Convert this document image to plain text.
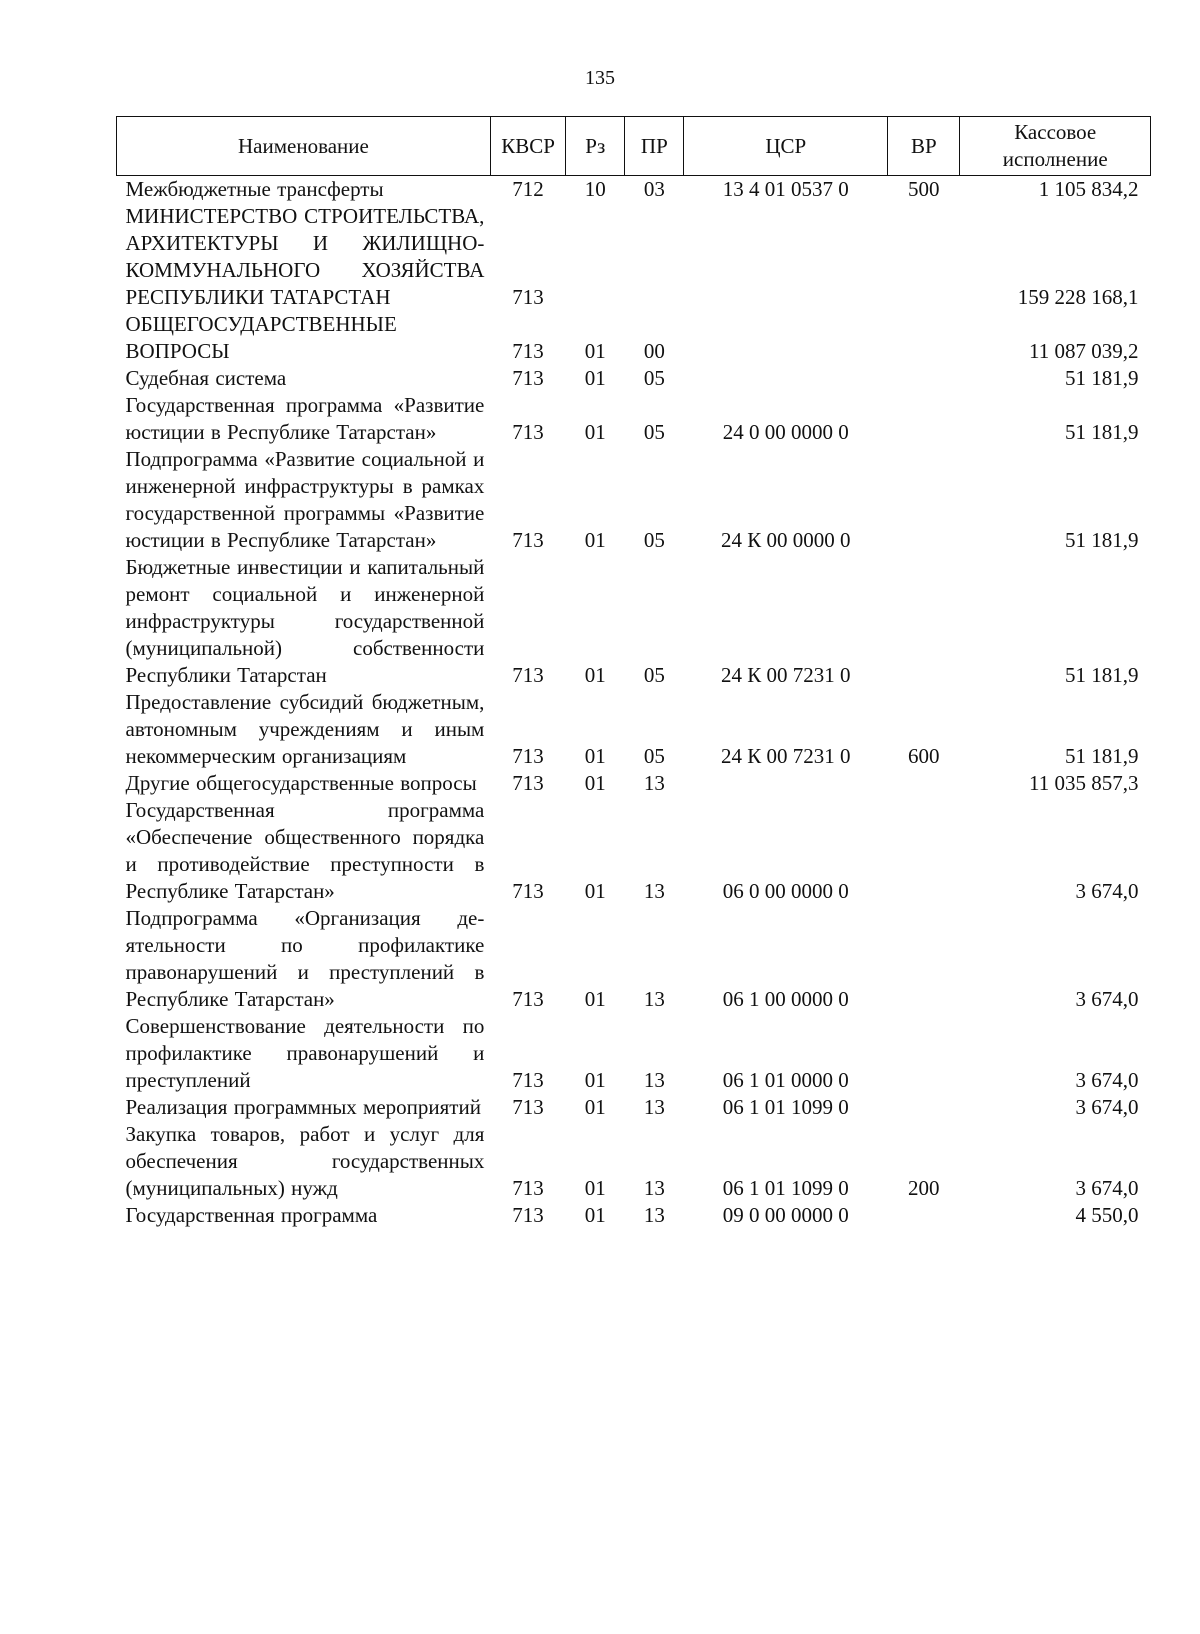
135
Наименование	КВСР	Рз	ПР	ЦСР	ВР	Кассовое исполнение
Межбюджетные трансферты	712	10	03	13 4 01 0537 0	500	1 105 834,2
МИНИСТЕРСТВО СТРОИТЕЛЬСТВА, АРХИТЕКТУРЫ И ЖИЛИЩНО-КОММУНАЛЬНОГО ХОЗЯЙСТВА РЕСПУБЛИКИ ТАТАРСТАН	713					159 228 168,1
ОБЩЕГОСУДАРСТВЕННЫЕ ВОПРОСЫ	713	01	00			11 087 039,2
Судебная система	713	01	05			51 181,9
Государственная программа «Развитие юстиции в Республике Татарстан»	713	01	05	24 0 00 0000 0		51 181,9
Подпрограмма «Развитие социальной и инженерной инфраструктуры в рамках государственной программы «Развитие юстиции в Республике Татарстан»	713	01	05	24 К 00 0000 0		51 181,9
Бюджетные инвестиции и капитальный ремонт социальной и инженерной инфраструктуры государственной (муниципальной) собственности Республики Татарстан	713	01	05	24 К 00 7231 0		51 181,9
Предоставление субсидий бюджетным, автономным учреждениям и иным некоммерческим организациям	713	01	05	24 К 00 7231 0	600	51 181,9
Другие общегосударственные вопросы	713	01	13			11 035 857,3
Государственная программа «Обеспечение общественного порядка и противодействие преступности в Республике Татарстан»	713	01	13	06 0 00 0000 0		3 674,0
Подпрограмма «Организация деятельности по профилактике правонарушений и преступлений в Республике Татарстан»	713	01	13	06 1 00 0000 0		3 674,0
Совершенствование деятельности по профилактике правонарушений и преступлений	713	01	13	06 1 01 0000 0		3 674,0
Реализация программных мероприятий	713	01	13	06 1 01 1099 0		3 674,0
Закупка товаров, работ и услуг для обеспечения государственных (муниципальных) нужд	713	01	13	06 1 01 1099 0	200	3 674,0
Государственная программа	713	01	13	09 0 00 0000 0		4 550,0
